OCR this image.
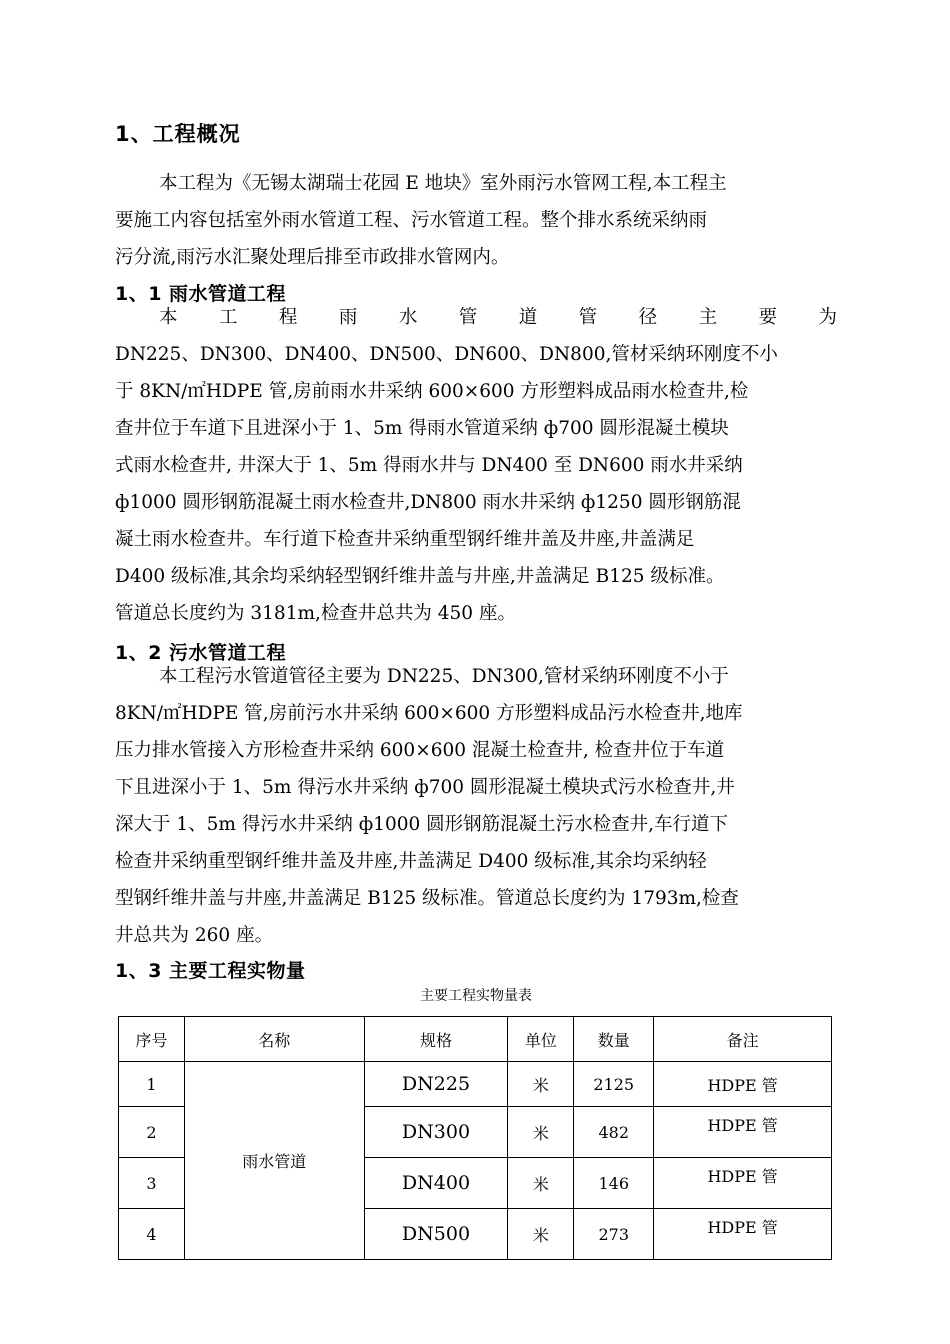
1、工程概况
本工程为《无锡太湖瑞士花园 E 地块》室外雨污水管网工程,本工程主
要施工内容包括室外雨水管道工程、污水管道工程。整个排水系统采纳雨
污分流,雨污水汇聚处理后排至市政排水管网内。
1、1 雨水管道工程
本　工　程　雨　水　管　道　管　径　主　要　为
DN225、DN300、DN400、DN500、DN600、DN800,管材采纳环刚度不小
于 8KN/㎡HDPE 管,房前雨水井采纳 600×600 方形塑料成品雨水检查井,检
查井位于车道下且进深小于 1、5m 得雨水管道采纳 ф700 圆形混凝土模块
式雨水检查井, 井深大于 1、5m 得雨水井与 DN400 至 DN600 雨水井采纳
ф1000 圆形钢筋混凝土雨水检查井,DN800 雨水井采纳 ф1250 圆形钢筋混
凝土雨水检查井。车行道下检查井采纳重型钢纤维井盖及井座,井盖满足
D400 级标准,其余均采纳轻型钢纤维井盖与井座,井盖满足 B125 级标准。
管道总长度约为 3181m,检查井总共为 450 座。
1、2 污水管道工程
本工程污水管道管径主要为 DN225、DN300,管材采纳环刚度不小于
8KN/㎡HDPE 管,房前污水井采纳 600×600 方形塑料成品污水检查井,地库
压力排水管接入方形检查井采纳 600×600 混凝土检查井, 检查井位于车道
下且进深小于 1、5m 得污水井采纳 ф700 圆形混凝土模块式污水检查井,井
深大于 1、5m 得污水井采纳 ф1000 圆形钢筋混凝土污水检查井,车行道下
检查井采纳重型钢纤维井盖及井座,井盖满足 D400 级标准,其余均采纳轻
型钢纤维井盖与井座,井盖满足 B125 级标准。管道总长度约为 1793m,检查
井总共为 260 座。
1、3 主要工程实物量
主要工程实物量表
序号	名称	规格	单位	数量	备注
1	雨水管道	DN225	米	2125	HDPE 管
2		DN300	米	482	HDPE 管
3		DN400	米	146	HDPE 管
4		DN500	米	273	HDPE 管
